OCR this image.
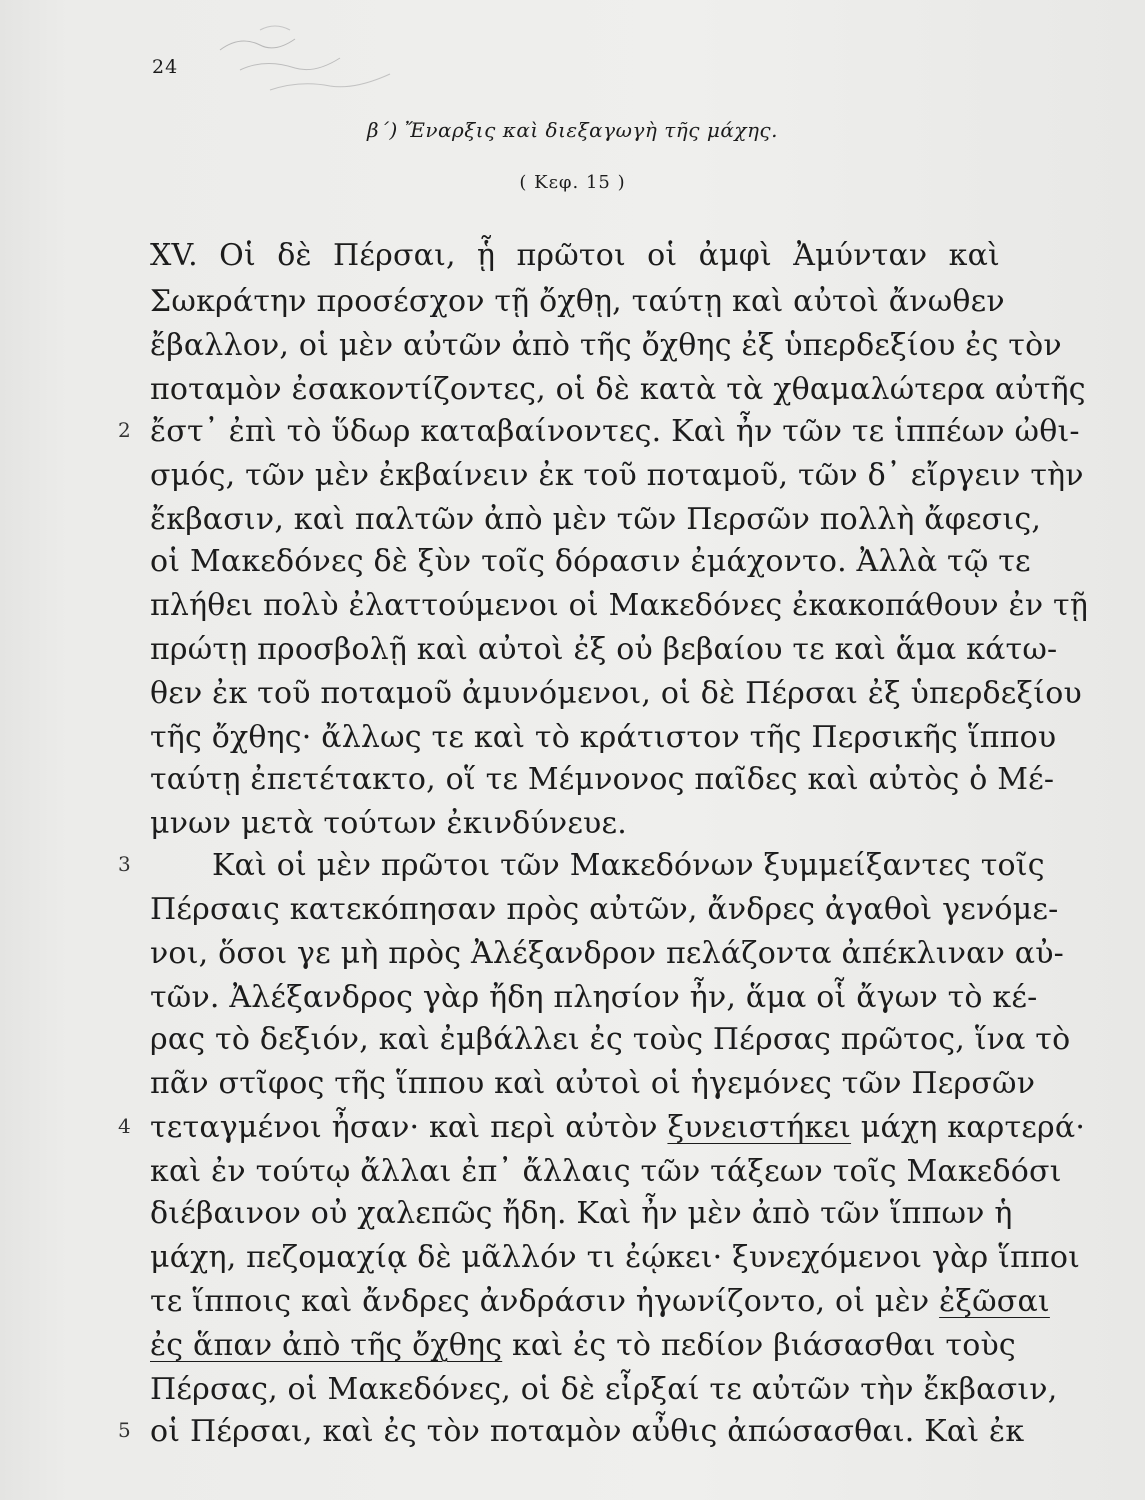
24
β΄) Ἔναρξις καὶ διεξαγωγὴ τῆς μάχης.
( Κεφ. 15 )
XV. Οἱ δὲ Πέρσαι, ᾗ πρῶτοι οἱ ἀμφὶ Ἀμύνταν καὶ
Σωκράτην προσέσχον τῇ ὄχθῃ, ταύτῃ καὶ αὐτοὶ ἄνωθεν
ἔβαλλον, οἱ μὲν αὐτῶν ἀπὸ τῆς ὄχθης ἐξ ὑπερδεξίου ἐς τὸν
ποταμὸν ἐσακοντίζοντες, οἱ δὲ κατὰ τὰ χθαμαλώτερα αὐτῆς
2 ἔστ᾽ ἐπὶ τὸ ὕδωρ καταβαίνοντες. Καὶ ἦν τῶν τε ἱππέων ὠθι-
σμός, τῶν μὲν ἐκβαίνειν ἐκ τοῦ ποταμοῦ, τῶν δ᾽ εἴργειν τὴν
ἔκβασιν, καὶ παλτῶν ἀπὸ μὲν τῶν Περσῶν πολλὴ ἄφεσις,
οἱ Μακεδόνες δὲ ξὺν τοῖς δόρασιν ἐμάχοντο. Ἀλλὰ τῷ τε
πλήθει πολὺ ἐλαττούμενοι οἱ Μακεδόνες ἐκακοπάθουν ἐν τῇ
πρώτῃ προσβολῇ καὶ αὐτοὶ ἐξ οὐ βεβαίου τε καὶ ἅμα κάτω-
θεν ἐκ τοῦ ποταμοῦ ἀμυνόμενοι, οἱ δὲ Πέρσαι ἐξ ὑπερδεξίου
τῆς ὄχθης· ἄλλως τε καὶ τὸ κράτιστον τῆς Περσικῆς ἵππου
ταύτῃ ἐπετέτακτο, οἵ τε Μέμνονος παῖδες καὶ αὐτὸς ὁ Μέ-
μνων μετὰ τούτων ἐκινδύνευε.
3	Καὶ οἱ μὲν πρῶτοι τῶν Μακεδόνων ξυμμείξαντες τοῖς
Πέρσαις κατεκόπησαν πρὸς αὐτῶν, ἄνδρες ἀγαθοὶ γενόμε-
νοι, ὅσοι γε μὴ πρὸς Ἀλέξανδρον πελάζοντα ἀπέκλιναν αὐ-
τῶν. Ἀλέξανδρος γὰρ ἤδη πλησίον ἦν, ἅμα οἷ ἄγων τὸ κέ-
ρας τὸ δεξιόν, καὶ ἐμβάλλει ἐς τοὺς Πέρσας πρῶτος, ἵνα τὸ
πᾶν στῖφος τῆς ἵππου καὶ αὐτοὶ οἱ ἡγεμόνες τῶν Περσῶν
4 τεταγμένοι ἦσαν· καὶ περὶ αὐτὸν ξυνειστήκει μάχη καρτερά·
καὶ ἐν τούτῳ ἄλλαι ἐπ᾽ ἄλλαις τῶν τάξεων τοῖς Μακεδόσι
διέβαινον οὐ χαλεπῶς ἤδη. Καὶ ἦν μὲν ἀπὸ τῶν ἵππων ἡ
μάχη, πεζομαχίᾳ δὲ μᾶλλόν τι ἐῴκει· ξυνεχόμενοι γὰρ ἵπποι
τε ἵπποις καὶ ἄνδρες ἀνδράσιν ἠγωνίζοντο, οἱ μὲν ἐξῶσαι
ἐς ἅπαν ἀπὸ τῆς ὄχθης καὶ ἐς τὸ πεδίον βιάσασθαι τοὺς
Πέρσας, οἱ Μακεδόνες, οἱ δὲ εἶρξαί τε αὐτῶν τὴν ἔκβασιν,
5 οἱ Πέρσαι, καὶ ἐς τὸν ποταμὸν αὖθις ἀπώσασθαι. Καὶ ἐκ
